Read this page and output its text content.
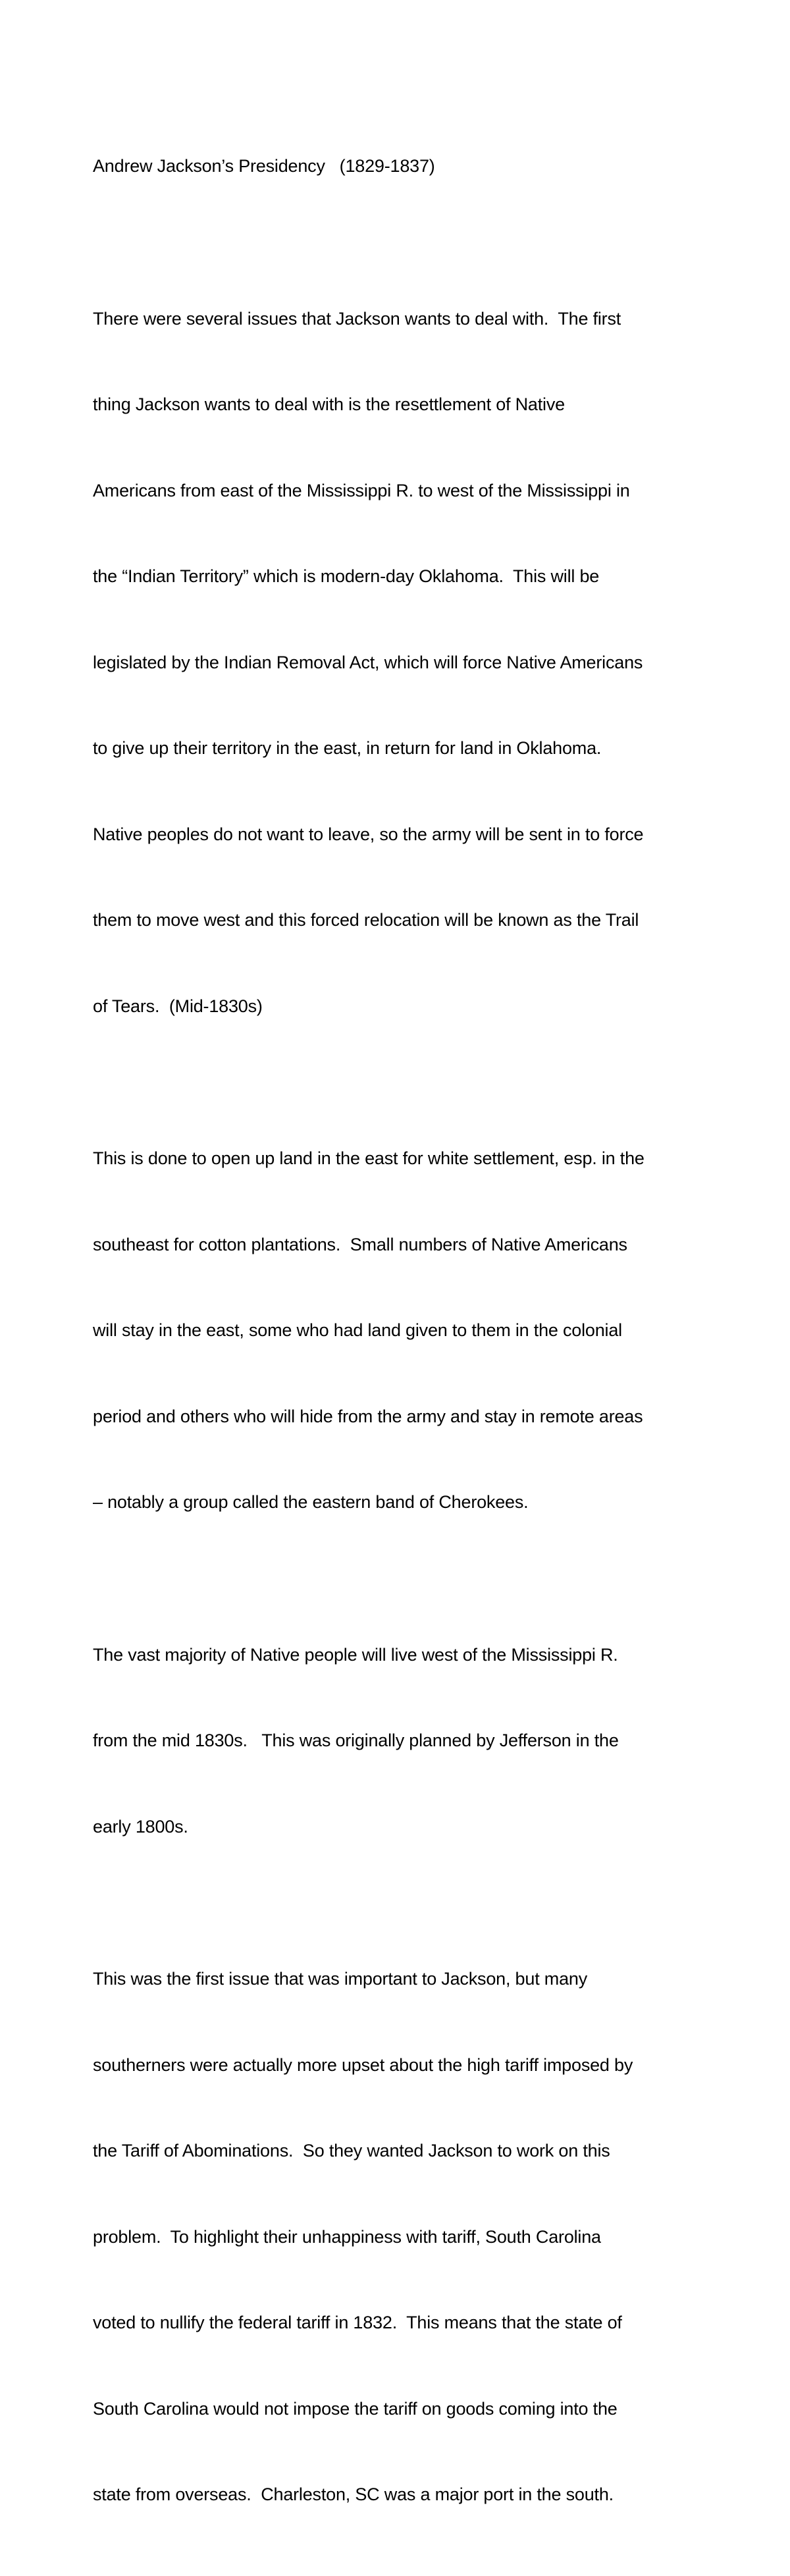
Andrew Jackson’s Presidency   (1829-1837)

There were several issues that Jackson wants to deal with.  The first

thing Jackson wants to deal with is the resettlement of Native

Americans from east of the Mississippi R. to west of the Mississippi in

the “Indian Territory” which is modern-day Oklahoma.  This will be

legislated by the Indian Removal Act, which will force Native Americans

to give up their territory in the east, in return for land in Oklahoma.

Native peoples do not want to leave, so the army will be sent in to force

them to move west and this forced relocation will be known as the Trail

of Tears.  (Mid-1830s)

This is done to open up land in the east for white settlement, esp. in the

southeast for cotton plantations.  Small numbers of Native Americans

will stay in the east, some who had land given to them in the colonial

period and others who will hide from the army and stay in remote areas

– notably a group called the eastern band of Cherokees.

The vast majority of Native people will live west of the Mississippi R.

from the mid 1830s.   This was originally planned by Jefferson in the

early 1800s.

This was the first issue that was important to Jackson, but many

southerners were actually more upset about the high tariff imposed by

the Tariff of Abominations.  So they wanted Jackson to work on this

problem.  To highlight their unhappiness with tariff, South Carolina

voted to nullify the federal tariff in 1832.  This means that the state of

South Carolina would not impose the tariff on goods coming into the

state from overseas.  Charleston, SC was a major port in the south.
